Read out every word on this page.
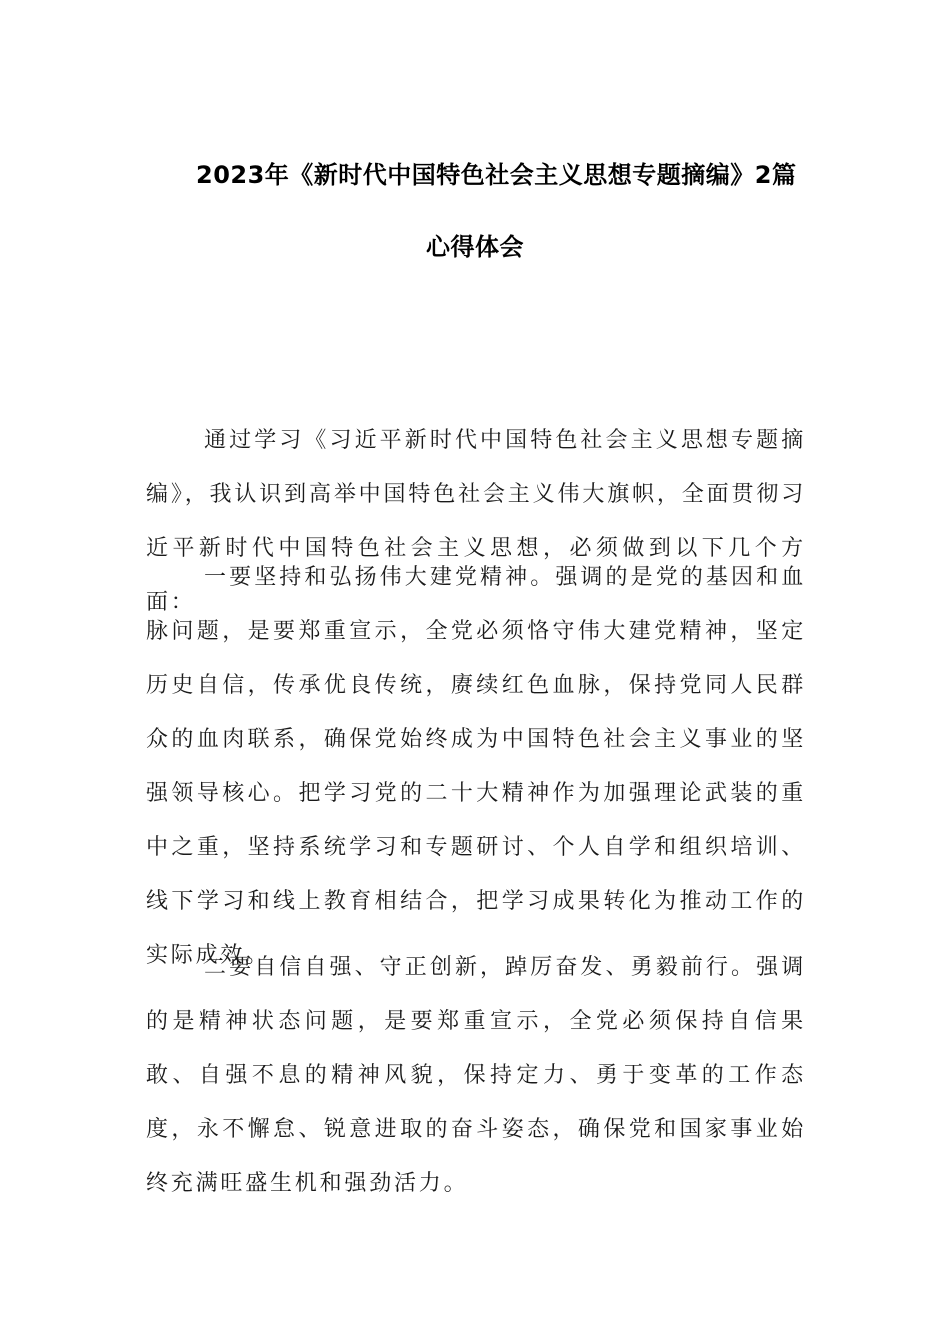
2023年《新时代中国特色社会主义思想专题摘编》2篇
心得体会

通过学习《习近平新时代中国特色社会主义思想专题摘编》，我认识到高举中国特色社会主义伟大旗帜，全面贯彻习近平新时代中国特色社会主义思想，必须做到以下几个方面：

一要坚持和弘扬伟大建党精神。强调的是党的基因和血脉问题，是要郑重宣示，全党必须恪守伟大建党精神，坚定历史自信，传承优良传统，赓续红色血脉，保持党同人民群众的血肉联系，确保党始终成为中国特色社会主义事业的坚强领导核心。把学习党的二十大精神作为加强理论武装的重中之重，坚持系统学习和专题研讨、个人自学和组织培训、线下学习和线上教育相结合，把学习成果转化为推动工作的实际成效。

二要自信自强、守正创新，踔厉奋发、勇毅前行。强调的是精神状态问题，是要郑重宣示，全党必须保持自信果敢、自强不息的精神风貌，保持定力、勇于变革的工作态度，永不懈怠、锐意进取的奋斗姿态，确保党和国家事业始终充满旺盛生机和强劲活力。
